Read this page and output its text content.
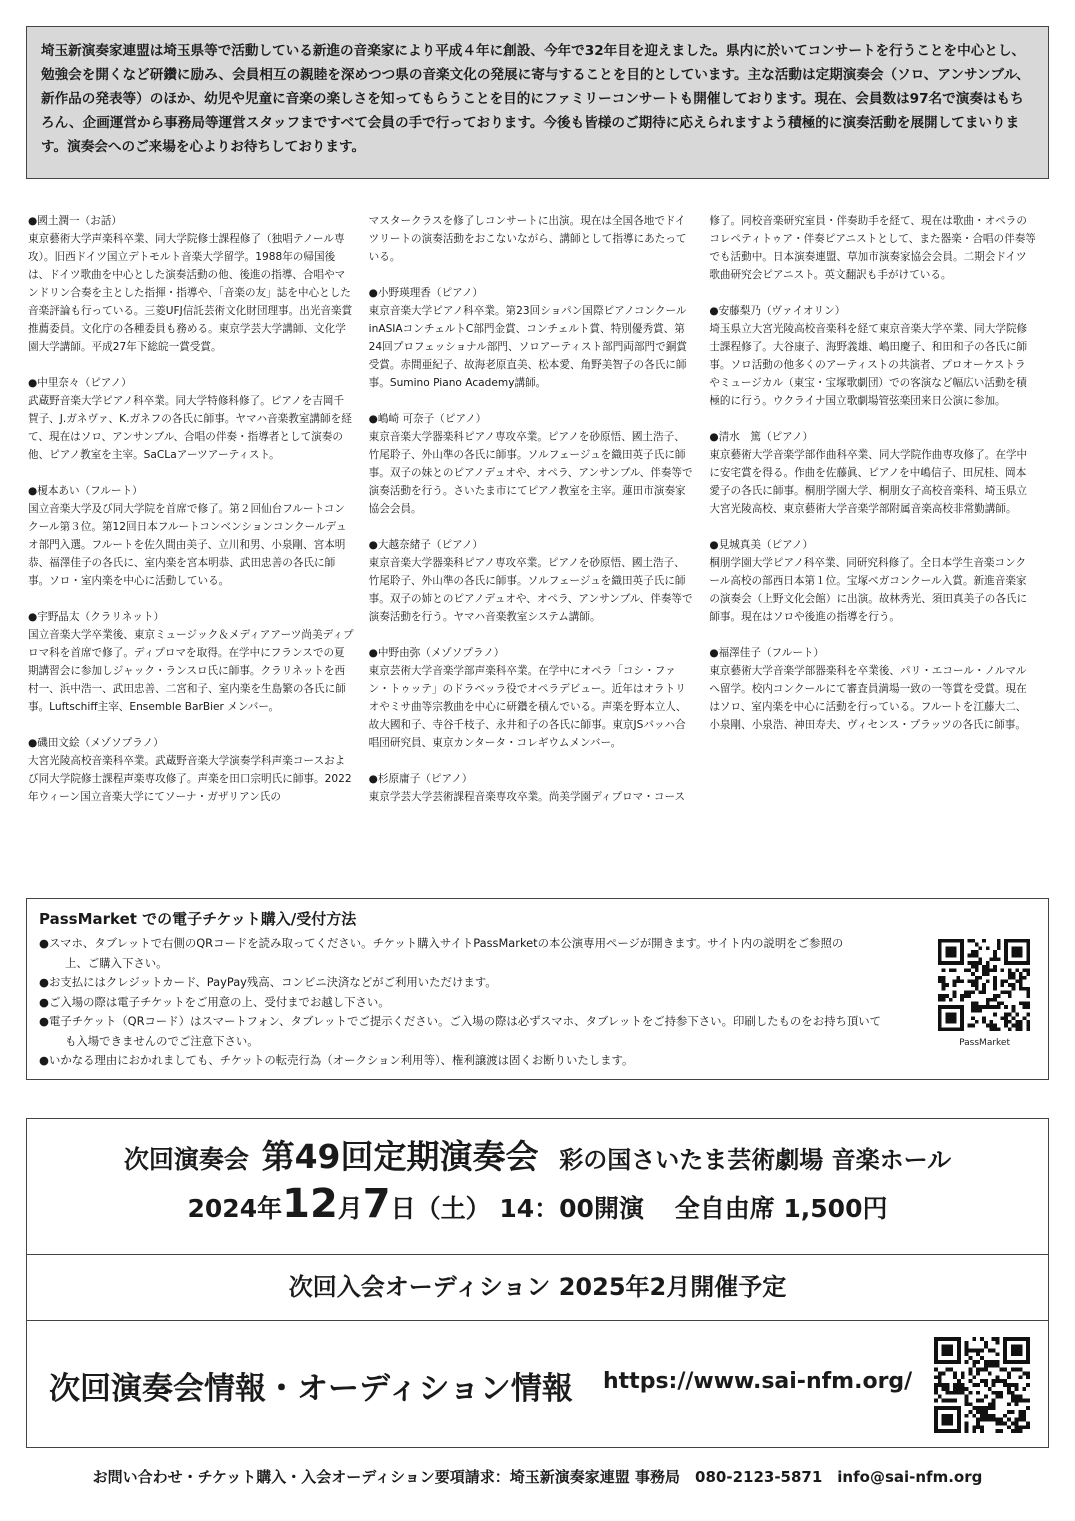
埼玉新演奏家連盟は埼玉県等で活動している新進の音楽家により平成４年に創設、今年で32年目を迎えました。県内に於いてコンサートを行うことを中心とし、勉強会を開くなど研鑽に励み、会員相互の親睦を深めつつ県の音楽文化の発展に寄与することを目的としています。主な活動は定期演奏会（ソロ、アンサンブル、新作品の発表等）のほか、幼児や児童に音楽の楽しさを知ってもらうことを目的にファミリーコンサートも開催しております。現在、会員数は97名で演奏はもちろん、企画運営から事務局等運営スタッフまですべて会員の手で行っております。今後も皆様のご期待に応えられますよう積極的に演奏活動を展開してまいります。演奏会へのご来場を心よりお待ちしております。
●國土潤一（お話）
東京藝術大学声楽科卒業、同大学院修士課程修了（独唱テノール専攻）。旧西ドイツ国立デトモルト音楽大学留学。1988年の帰国後は、ドイツ歌曲を中心とした演奏活動の他、後進の指導、合唱やマンドリン合奏を主とした指揮・指導や、「音楽の友」誌を中心とした音楽評論も行っている。三菱UFJ信託芸術文化財団理事。出光音楽賞推薦委員。文化庁の各種委員も務める。東京学芸大学講師、文化学園大学講師。平成27年下総皖一賞受賞。
●中里奈々（ピアノ）
武蔵野音楽大学ピアノ科卒業。同大学特修科修了。ピアノを吉岡千賀子、J.ガネヴァ、K.ガネフの各氏に師事。ヤマハ音楽教室講師を経て、現在はソロ、アンサンブル、合唱の伴奏・指導者として演奏の他、ピアノ教室を主宰。SaCLaアーツアーティスト。
●榎本あい（フルート）
国立音楽大学及び同大学院を首席で修了。第２回仙台フルートコンクール第３位。第12回日本フルートコンベンションコンクールデュオ部門入選。フルートを佐久間由美子、立川和男、小泉剛、宮本明恭、福澤佳子の各氏に、室内楽を宮本明恭、武田忠善の各氏に師事。ソロ・室内楽を中心に活動している。
●宇野晶太（クラリネット）
国立音楽大学卒業後、東京ミュージック＆メディアアーツ尚美ディプロマ科を首席で修了。ディプロマを取得。在学中にフランスでの夏期講習会に参加しジャック・ランスロ氏に師事。クラリネットを西村一、浜中浩一、武田忠善、二宮和子、室内楽を生島繁の各氏に師事。Luftschiff主宰、Ensemble BarBier メンバー。
●磯田文絵（メゾソプラノ）
大宮光陵高校音楽科卒業。武蔵野音楽大学演奏学科声楽コースおよび同大学院修士課程声楽専攻修了。声楽を田口宗明氏に師事。2022年ウィーン国立音楽大学にてソーナ・ガザリアン氏の
マスタークラスを修了しコンサートに出演。現在は全国各地でドイツリートの演奏活動をおこないながら、講師として指導にあたっている。
●小野瑛理香（ピアノ）
東京音楽大学ピアノ科卒業。第23回ショパン国際ピアノコンクールinASIAコンチェルトC部門金賞、コンチェルト賞、特別優秀賞、第24回プロフェッショナル部門、ソロアーティスト部門両部門で銅賞受賞。赤間亜紀子、故海老原直美、松本愛、角野美智子の各氏に師事。Sumino Piano Academy講師。
●嶋崎 可奈子（ピアノ）
東京音楽大学器楽科ピアノ専攻卒業。ピアノを砂原悟、國土浩子、竹尾聆子、外山準の各氏に師事。ソルフェージュを織田英子氏に師事。双子の妹とのピアノデュオや、オペラ、アンサンブル、伴奏等で演奏活動を行う。さいたま市にてピアノ教室を主宰。蓮田市演奏家協会会員。
●大越奈緒子（ピアノ）
東京音楽大学器楽科ピアノ専攻卒業。ピアノを砂原悟、國土浩子、竹尾聆子、外山準の各氏に師事。ソルフェージュを織田英子氏に師事。双子の姉とのピアノデュオや、オペラ、アンサンブル、伴奏等で演奏活動を行う。ヤマハ音楽教室システム講師。
●中野由弥（メゾソプラノ）
東京芸術大学音楽学部声楽科卒業。在学中にオペラ「コシ・ファン・トゥッテ」のドラベッラ役でオペラデビュー。近年はオラトリオやミサ曲等宗教曲を中心に研鑽を積んでいる。声楽を野本立人、故大國和子、寺谷千枝子、永井和子の各氏に師事。東京JSバッハ合唱団研究員、東京カンタータ・コレギウムメンバー。
●杉原庸子（ピアノ）
東京学芸大学芸術課程音楽専攻卒業。尚美学園ディプロマ・コース
修了。同校音楽研究室員・伴奏助手を経て、現在は歌曲・オペラのコレペティトゥア・伴奏ピアニストとして、また器楽・合唱の伴奏等でも活動中。日本演奏連盟、草加市演奏家協会会員。二期会ドイツ歌曲研究会ピアニスト。英文翻訳も手がけている。
●安藤梨乃（ヴァイオリン）
埼玉県立大宮光陵高校音楽科を経て東京音楽大学卒業、同大学院修士課程修了。大谷康子、海野義雄、嶋田慶子、和田和子の各氏に師事。ソロ活動の他多くのアーティストの共演者、プロオーケストラやミュージカル（東宝・宝塚歌劇団）での客演など幅広い活動を積極的に行う。ウクライナ国立歌劇場管弦楽団来日公演に参加。
●清水　篤（ピアノ）
東京藝術大学音楽学部作曲科卒業、同大学院作曲専攻修了。在学中に安宅賞を得る。作曲を佐藤眞、ピアノを中嶋信子、田尻桂、岡本愛子の各氏に師事。桐朋学園大学、桐朋女子高校音楽科、埼玉県立大宮光陵高校、東京藝術大学音楽学部附属音楽高校非常勤講師。
●見城真美（ピアノ）
桐朋学園大学ピアノ科卒業、同研究科修了。全日本学生音楽コンクール高校の部西日本第１位。宝塚ベガコンクール入賞。新進音楽家の演奏会（上野文化会館）に出演。故林秀光、須田真美子の各氏に師事。現在はソロや後進の指導を行う。
●福澤佳子（フルート）
東京藝術大学音楽学部器楽科を卒業後、パリ・エコール・ノルマルへ留学。校内コンクールにて審査員満場一致の一等賞を受賞。現在はソロ、室内楽を中心に活動を行っている。フルートを江藤大二、小泉剛、小泉浩、神田寿夫、ヴィセンス・プラッツの各氏に師事。
PassMarket での電子チケット購入/受付方法
●スマホ、タブレットで右側のQRコードを読み取ってください。チケット購入サイトPassMarketの本公演専用ページが開きます。サイト内の説明をご参照の
上、ご購入下さい。
●お支払にはクレジットカード、PayPay残高、コンビニ決済などがご利用いただけます。
●ご入場の際は電子チケットをご用意の上、受付までお越し下さい。
●電子チケット（QRコード）はスマートフォン、タブレットでご提示ください。ご入場の際は必ずスマホ、タブレットをご持参下さい。印刷したものをお持ち頂いて
も入場できませんのでご注意下さい。
●いかなる理由におかれましても、チケットの転売行為（オークション利用等）、権利譲渡は固くお断りいたします。
PassMarket
次回演奏会 第49回定期演奏会 彩の国さいたま芸術劇場 音楽ホール
2024年12月7日（土） 14：00開演 全自由席 1,500円
次回入会オーディション 2025年2月開催予定
次回演奏会情報・オーディション情報 https://www.sai-nfm.org/
お問い合わせ・チケット購入・入会オーディション要項請求：埼玉新演奏家連盟 事務局　080-2123-5871　info@sai-nfm.org
